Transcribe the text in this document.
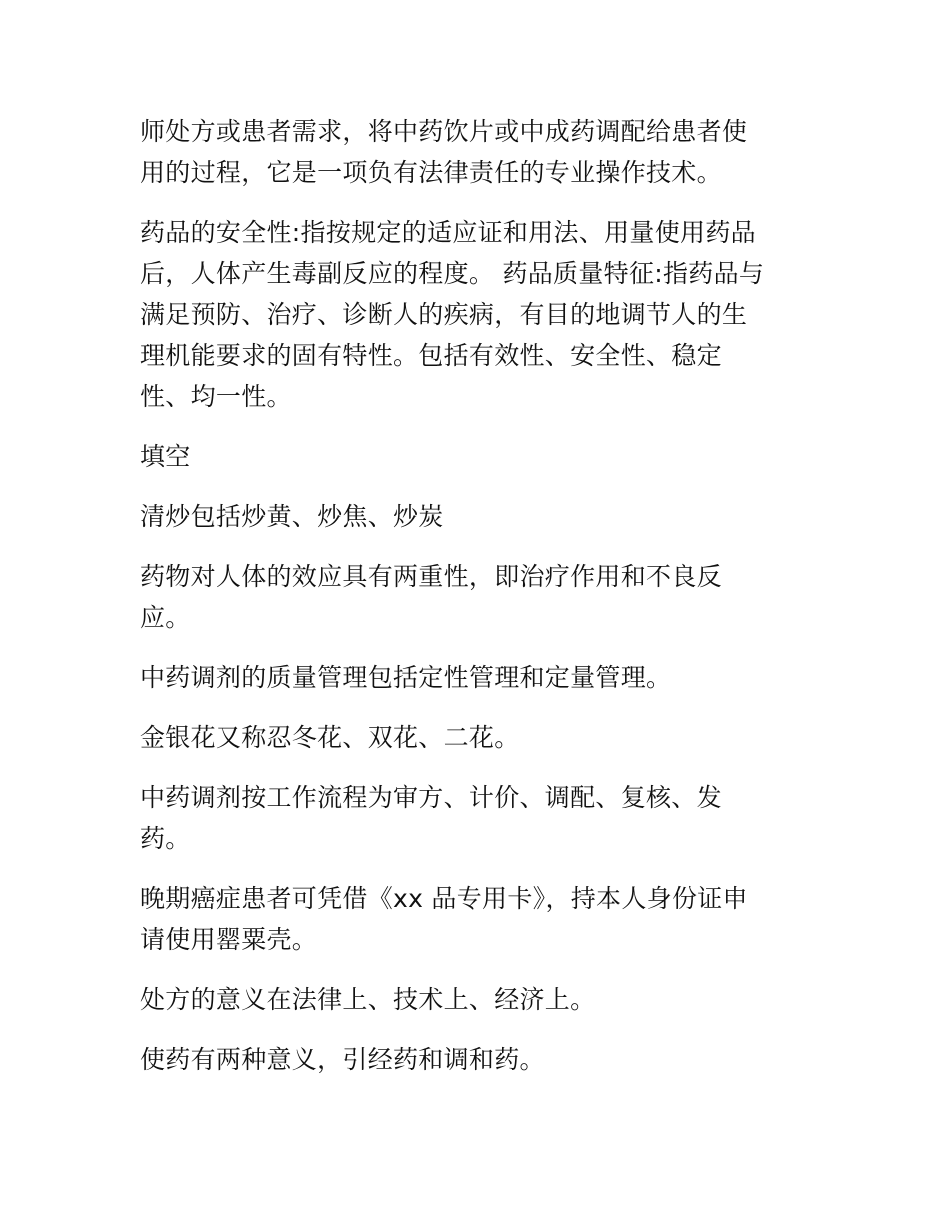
师处方或患者需求，将中药饮片或中成药调配给患者使
用的过程，它是一项负有法律责任的专业操作技术。

药品的安全性:指按规定的适应证和用法、用量使用药品
后，人体产生毒副反应的程度。 药品质量特征:指药品与
满足预防、治疗、诊断人的疾病，有目的地调节人的生
理机能要求的固有特性。包括有效性、安全性、稳定
性、均一性。

填空

清炒包括炒黄、炒焦、炒炭

药物对人体的效应具有两重性，即治疗作用和不良反
应。

中药调剂的质量管理包括定性管理和定量管理。

金银花又称忍冬花、双花、二花。

中药调剂按工作流程为审方、计价、调配、复核、发
药。

晚期癌症患者可凭借《xx 品专用卡》，持本人身份证申
请使用罂粟壳。

处方的意义在法律上、技术上、经济上。

使药有两种意义，引经药和调和药。
